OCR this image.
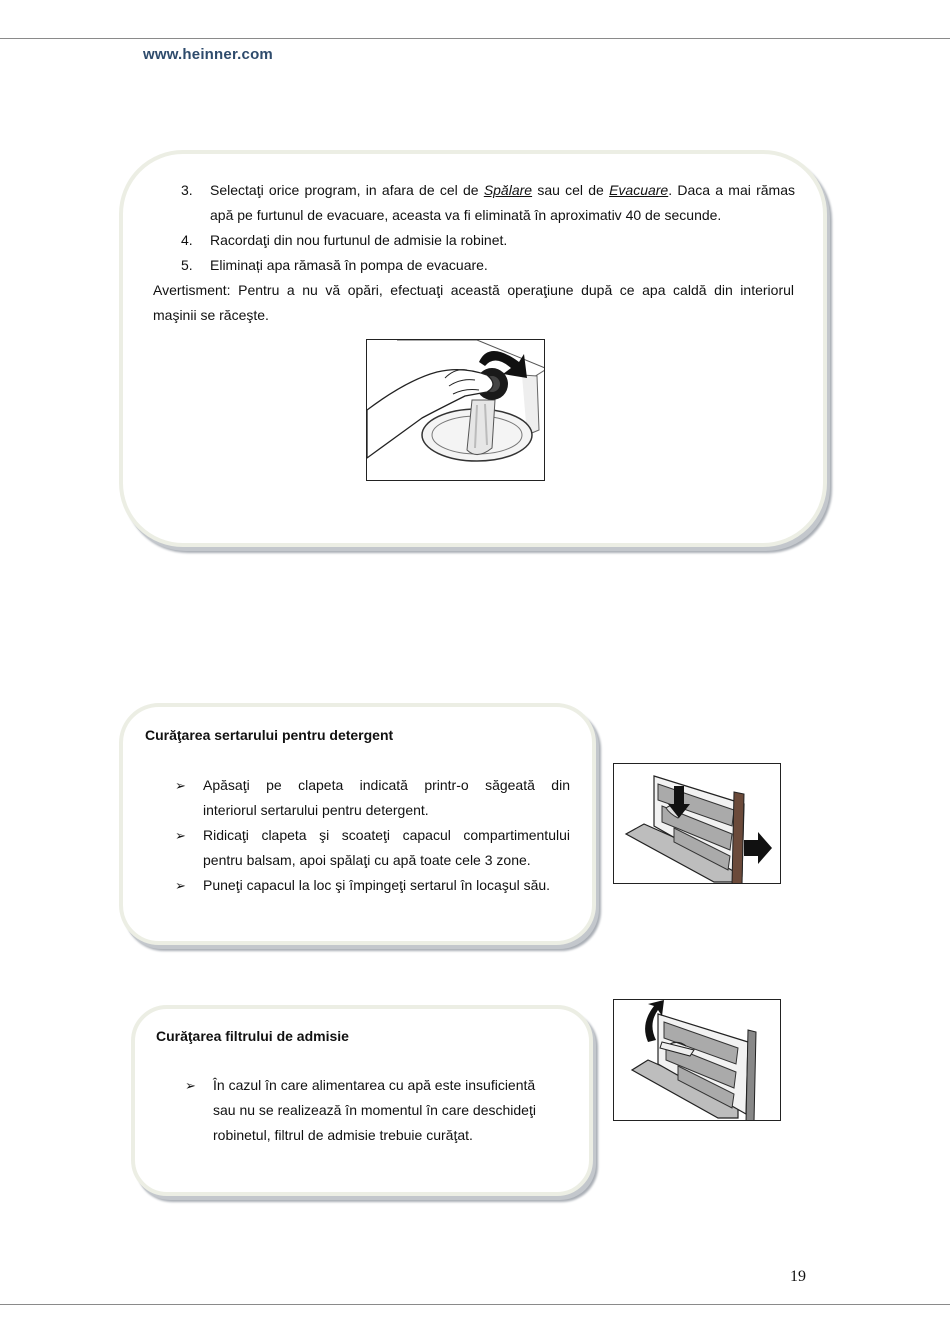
www.heinner.com
3. Selectaţi orice program, in afara de cel de Spălare sau cel de Evacuare. Daca a mai rămas
apă pe furtunul de evacuare, aceasta va fi eliminată în aproximativ 40 de secunde.
4. Racordaţi din nou furtunul de admisie la robinet.
5. Eliminați apa rămasă în pompa de evacuare.
Avertisment: Pentru a nu vă opări, efectuaţi această operaţiune după ce apa caldă din interiorul
maşinii se răceşte.
Curăţarea sertarului pentru detergent
➢ Apăsaţi pe clapeta indicată printr-o săgeată din
interiorul sertarului pentru detergent.
➢ Ridicaţi clapeta şi scoateţi capacul compartimentului
pentru balsam, apoi spălaţi cu apă toate cele 3 zone.
➢ Puneţi capacul la loc şi împingeţi sertarul în locaşul său.
Curăţarea filtrului de admisie
➢ În cazul în care alimentarea cu apă este insuficientă
sau nu se realizează în momentul în care deschideţi
robinetul, filtrul de admisie trebuie curăţat.
19
